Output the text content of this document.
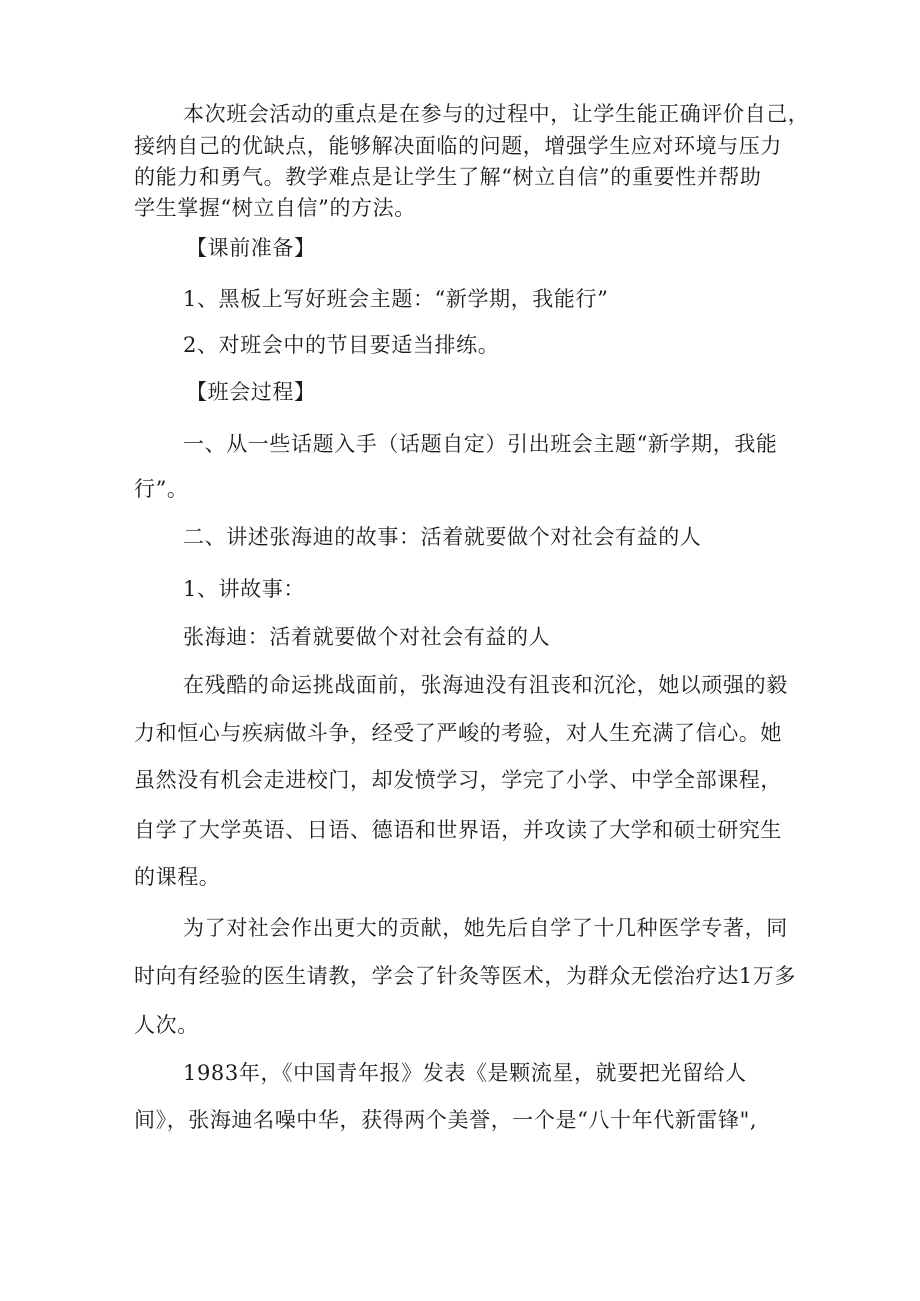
本次班会活动的重点是在参与的过程中，让学生能正确评价自己，
接纳自己的优缺点，能够解决面临的问题，增强学生应对环境与压力
的能力和勇气。教学难点是让学生了解“树立自信”的重要性并帮助
学生掌握“树立自信”的方法。
【课前准备】
1、黑板上写好班会主题：“新学期，我能行”
2、对班会中的节目要适当排练。
【班会过程】
一、从一些话题入手（话题自定）引出班会主题“新学期，我能
行”。
二、讲述张海迪的故事：活着就要做个对社会有益的人
1、讲故事：
张海迪：活着就要做个对社会有益的人
在残酷的命运挑战面前，张海迪没有沮丧和沉沦，她以顽强的毅
力和恒心与疾病做斗争，经受了严峻的考验，对人生充满了信心。她
虽然没有机会走进校门，却发愤学习，学完了小学、中学全部课程，
自学了大学英语、日语、德语和世界语，并攻读了大学和硕士研究生
的课程。
为了对社会作出更大的贡献，她先后自学了十几种医学专著，同
时向有经验的医生请教，学会了针灸等医术，为群众无偿治疗达1万多
人次。
1983年，《中国青年报》发表《是颗流星，就要把光留给人
间》，张海迪名噪中华，获得两个美誉，一个是“八十年代新雷锋",
